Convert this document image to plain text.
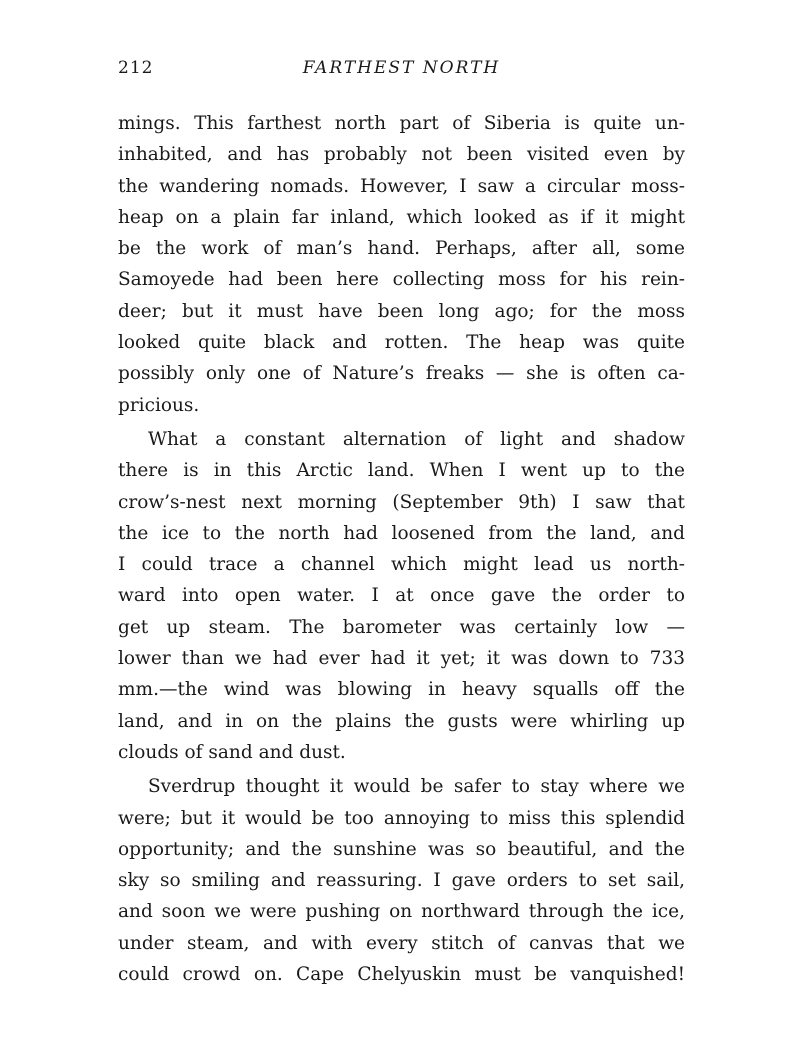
212	FARTHEST NORTH
mings. This farthest north part of Siberia is quite un-
inhabited, and has probably not been visited even by
the wandering nomads. However, I saw a circular moss-
heap on a plain far inland, which looked as if it might
be the work of man’s hand. Perhaps, after all, some
Samoyede had been here collecting moss for his rein-
deer; but it must have been long ago; for the moss
looked quite black and rotten. The heap was quite
possibly only one of Nature’s freaks — she is often ca-
pricious.
What a constant alternation of light and shadow
there is in this Arctic land. When I went up to the
crow’s-nest next morning (September 9th) I saw that
the ice to the north had loosened from the land, and
I could trace a channel which might lead us north-
ward into open water. I at once gave the order to
get up steam. The barometer was certainly low —
lower than we had ever had it yet; it was down to 733
mm.—the wind was blowing in heavy squalls off the
land, and in on the plains the gusts were whirling up
clouds of sand and dust.
Sverdrup thought it would be safer to stay where we
were; but it would be too annoying to miss this splendid
opportunity; and the sunshine was so beautiful, and the
sky so smiling and reassuring. I gave orders to set sail,
and soon we were pushing on northward through the ice,
under steam, and with every stitch of canvas that we
could crowd on. Cape Chelyuskin must be vanquished!
